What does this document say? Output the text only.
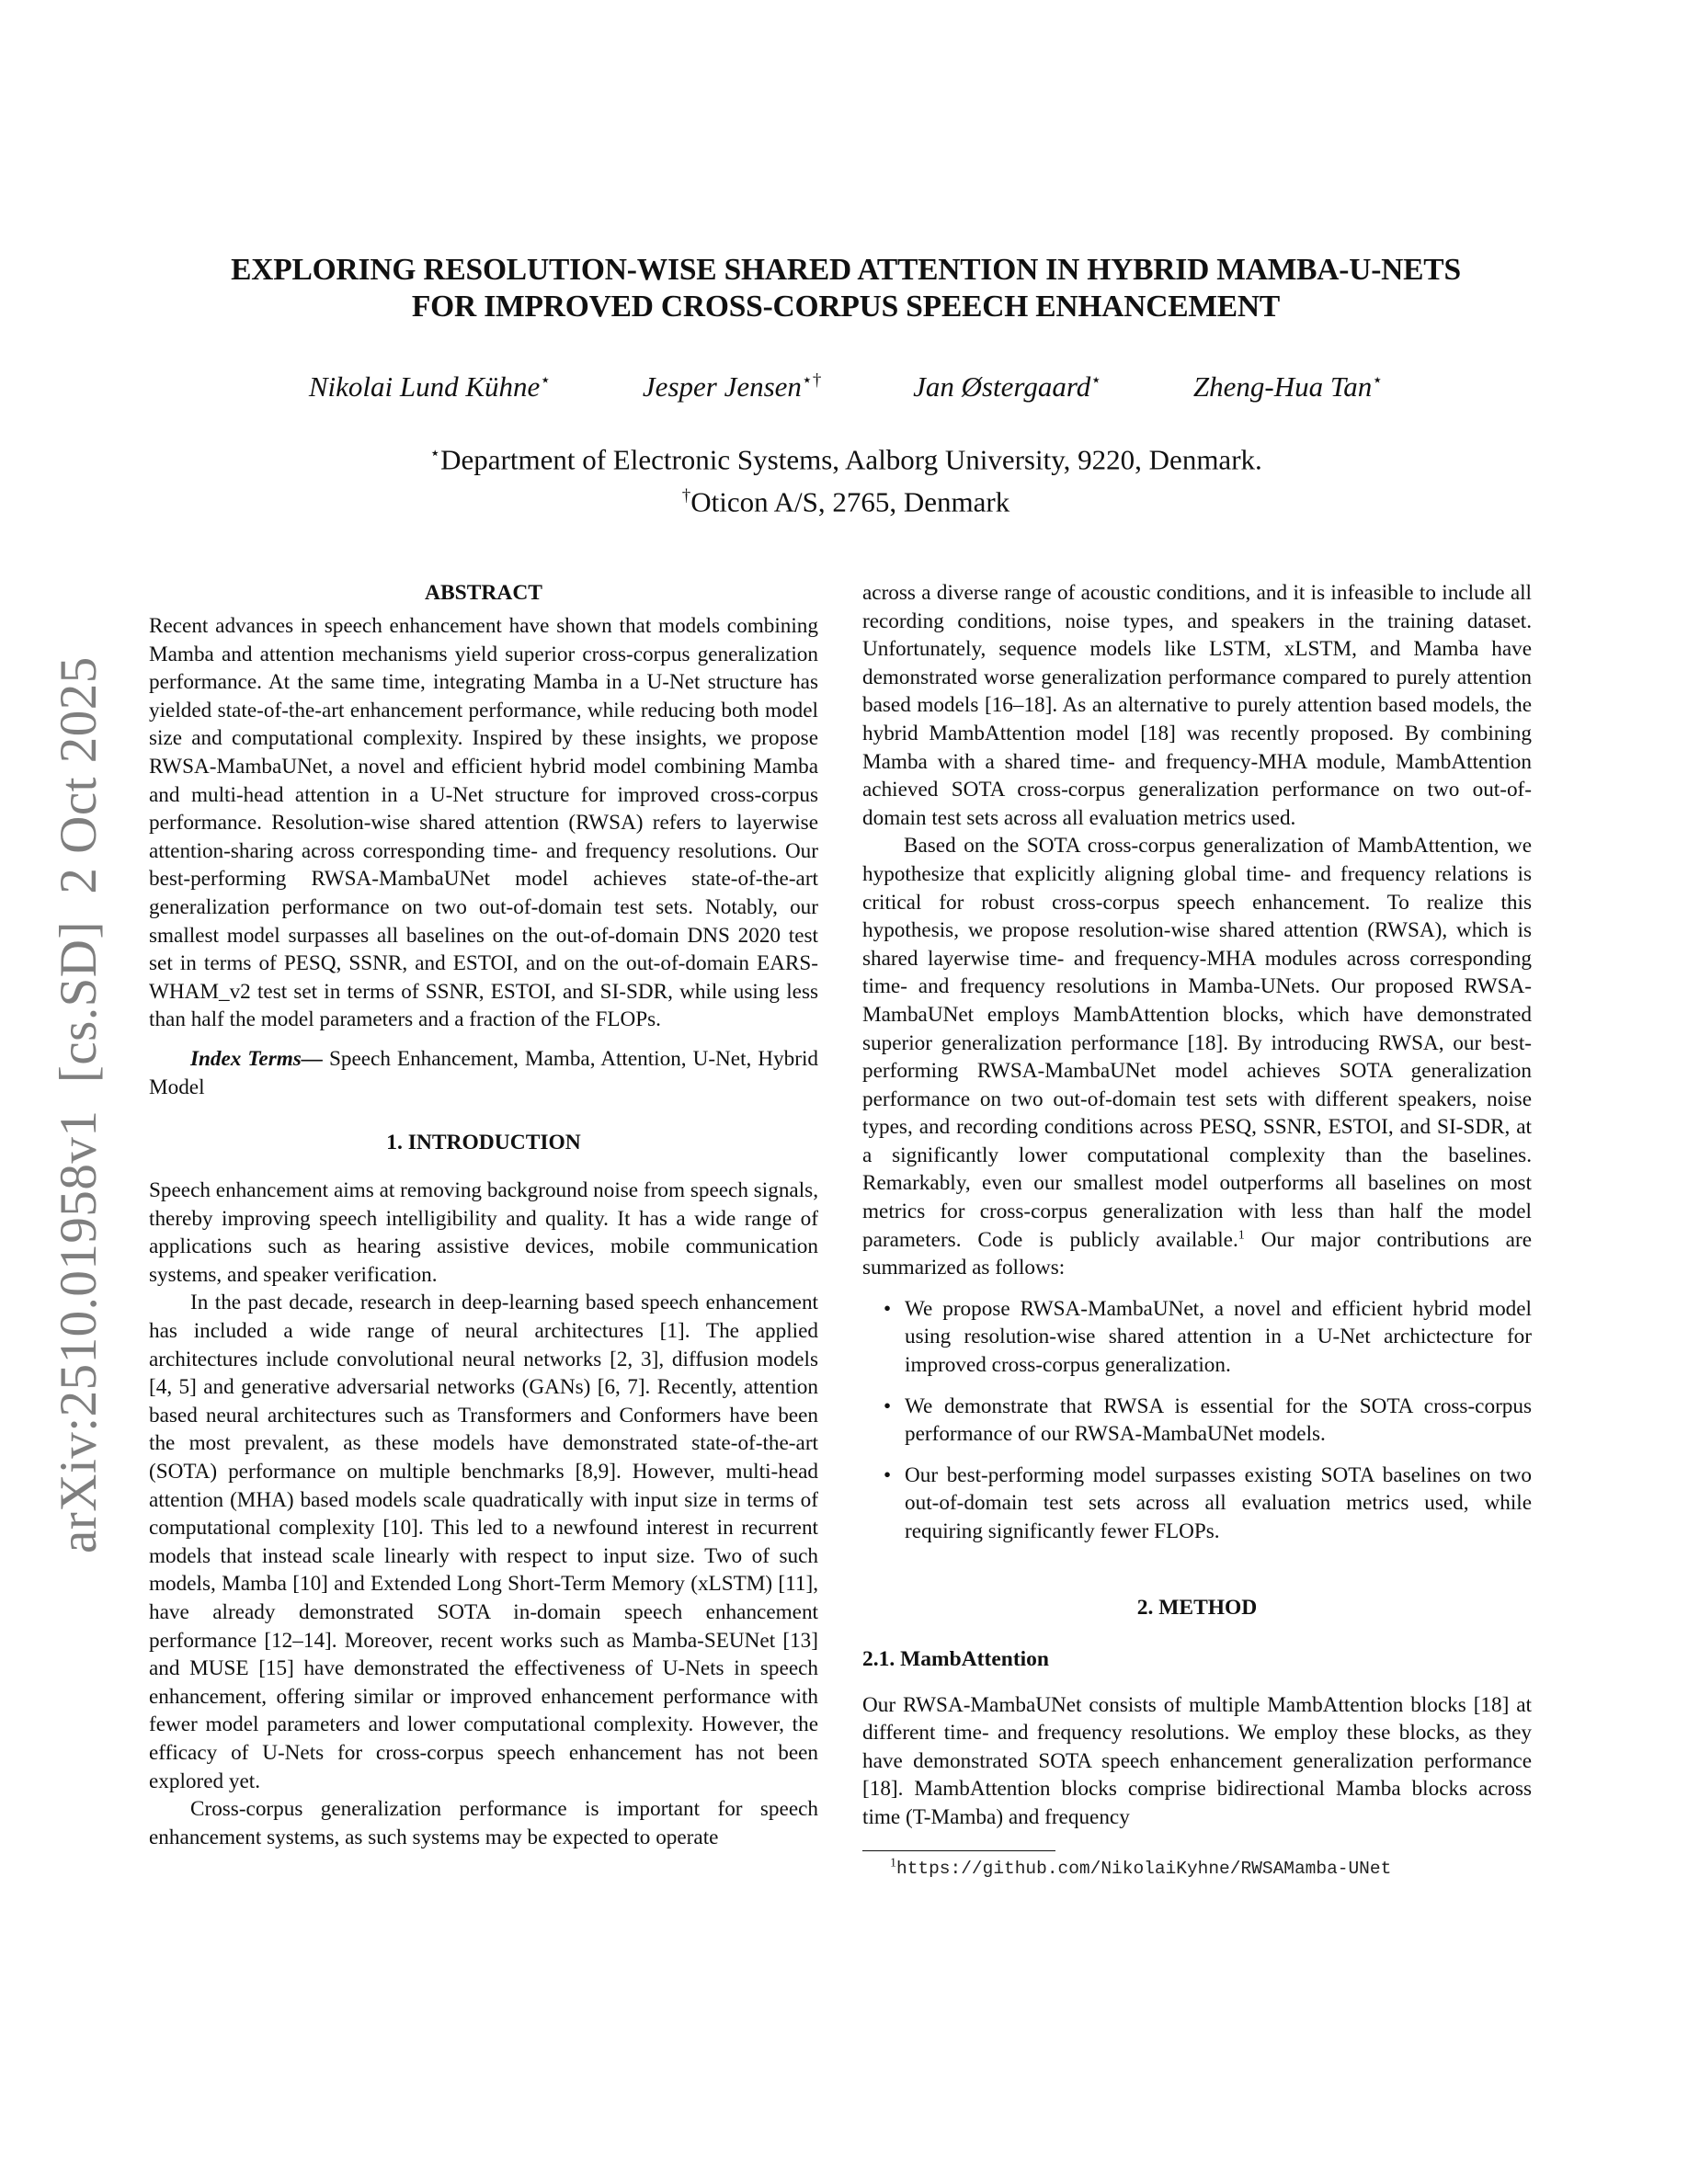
arXiv:2510.01958v1  [cs.SD]  2 Oct 2025
EXPLORING RESOLUTION-WISE SHARED ATTENTION IN HYBRID MAMBA-U-NETS
FOR IMPROVED CROSS-CORPUS SPEECH ENHANCEMENT
Nikolai Lund Kühne⋆	Jesper Jensen⋆†	Jan Østergaard⋆	Zheng-Hua Tan⋆
⋆Department of Electronic Systems, Aalborg University, 9220, Denmark.
†Oticon A/S, 2765, Denmark
ABSTRACT

Recent advances in speech enhancement have shown that models combining Mamba and attention mechanisms yield superior cross-corpus generalization performance. At the same time, integrating Mamba in a U-Net structure has yielded state-of-the-art enhancement performance, while reducing both model size and computational complexity. Inspired by these insights, we propose RWSA-MambaUNet, a novel and efficient hybrid model combining Mamba and multi-head attention in a U-Net structure for improved cross-corpus performance. Resolution-wise shared attention (RWSA) refers to layerwise attention-sharing across corresponding time- and frequency resolutions. Our best-performing RWSA-MambaUNet model achieves state-of-the-art generalization performance on two out-of-domain test sets. Notably, our smallest model surpasses all baselines on the out-of-domain DNS 2020 test set in terms of PESQ, SSNR, and ESTOI, and on the out-of-domain EARS-WHAM_v2 test set in terms of SSNR, ESTOI, and SI-SDR, while using less than half the model parameters and a fraction of the FLOPs.

Index Terms— Speech Enhancement, Mamba, Attention, U-Net, Hybrid Model

1. INTRODUCTION

Speech enhancement aims at removing background noise from speech signals, thereby improving speech intelligibility and quality. It has a wide range of applications such as hearing assistive devices, mobile communication systems, and speaker verification.

In the past decade, research in deep-learning based speech enhancement has included a wide range of neural architectures [1]. The applied architectures include convolutional neural networks [2, 3], diffusion models [4, 5] and generative adversarial networks (GANs) [6, 7]. Recently, attention based neural architectures such as Transformers and Conformers have been the most prevalent, as these models have demonstrated state-of-the-art (SOTA) performance on multiple benchmarks [8,9]. However, multi-head attention (MHA) based models scale quadratically with input size in terms of computational complexity [10]. This led to a newfound interest in recurrent models that instead scale linearly with respect to input size. Two of such models, Mamba [10] and Extended Long Short-Term Memory (xLSTM) [11], have already demonstrated SOTA in-domain speech enhancement performance [12–14]. Moreover, recent works such as Mamba-SEUNet [13] and MUSE [15] have demonstrated the effectiveness of U-Nets in speech enhancement, offering similar or improved enhancement performance with fewer model parameters and lower computational complexity. However, the efficacy of U-Nets for cross-corpus speech enhancement has not been explored yet.

Cross-corpus generalization performance is important for speech enhancement systems, as such systems may be expected to operate

across a diverse range of acoustic conditions, and it is infeasible to include all recording conditions, noise types, and speakers in the training dataset. Unfortunately, sequence models like LSTM, xLSTM, and Mamba have demonstrated worse generalization performance compared to purely attention based models [16–18]. As an alternative to purely attention based models, the hybrid MambAttention model [18] was recently proposed. By combining Mamba with a shared time- and frequency-MHA module, MambAttention achieved SOTA cross-corpus generalization performance on two out-of-domain test sets across all evaluation metrics used.

Based on the SOTA cross-corpus generalization of MambAttention, we hypothesize that explicitly aligning global time- and frequency relations is critical for robust cross-corpus speech enhancement. To realize this hypothesis, we propose resolution-wise shared attention (RWSA), which is shared layerwise time- and frequency-MHA modules across corresponding time- and frequency resolutions in Mamba-UNets. Our proposed RWSA-MambaUNet employs MambAttention blocks, which have demonstrated superior generalization performance [18]. By introducing RWSA, our best-performing RWSA-MambaUNet model achieves SOTA generalization performance on two out-of-domain test sets with different speakers, noise types, and recording conditions across PESQ, SSNR, ESTOI, and SI-SDR, at a significantly lower computational complexity than the baselines. Remarkably, even our smallest model outperforms all baselines on most metrics for cross-corpus generalization with less than half the model parameters. Code is publicly available.$^1$ Our major contributions are summarized as follows:

• We propose RWSA-MambaUNet, a novel and efficient hybrid model using resolution-wise shared attention in a U-Net archictecture for improved cross-corpus generalization.
• We demonstrate that RWSA is essential for the SOTA cross-corpus performance of our RWSA-MambaUNet models.
• Our best-performing model surpasses existing SOTA baselines on two out-of-domain test sets across all evaluation metrics used, while requiring significantly fewer FLOPs.
2. METHOD
2.1. MambAttention

Our RWSA-MambaUNet consists of multiple MambAttention blocks [18] at different time- and frequency resolutions. We employ these blocks, as they have demonstrated SOTA speech enhancement generalization performance [18]. MambAttention blocks comprise bidirectional Mamba blocks across time (T-Mamba) and frequency

$^1$https://github.com/NikolaiKyhne/RWSAMamba-UNet
